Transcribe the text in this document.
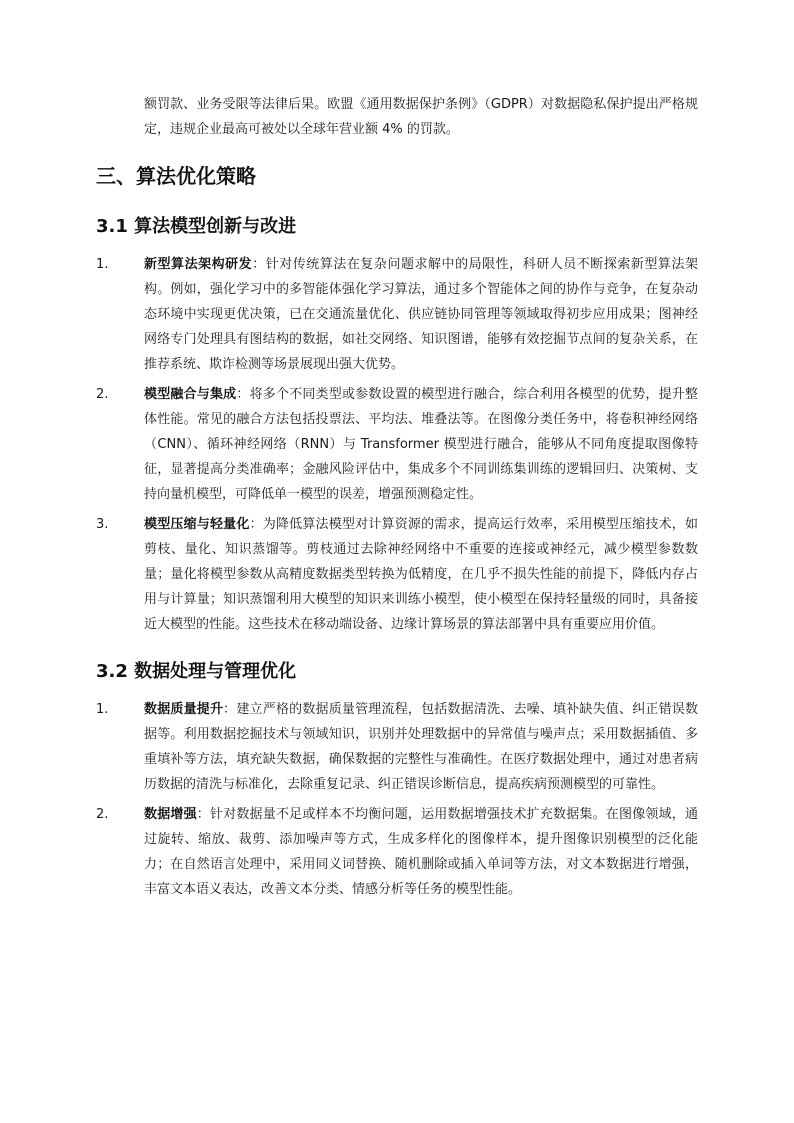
额罚款、业务受限等法律后果。欧盟《通用数据保护条例》（GDPR）对数据隐私保护提出严格规定，违规企业最高可被处以全球年营业额 4% 的罚款。

三、算法优化策略
3.1 算法模型创新与改进
1.	新型算法架构研发：针对传统算法在复杂问题求解中的局限性，科研人员不断探索新型算法架构。例如，强化学习中的多智能体强化学习算法，通过多个智能体之间的协作与竞争，在复杂动态环境中实现更优决策，已在交通流量优化、供应链协同管理等领域取得初步应用成果；图神经网络专门处理具有图结构的数据，如社交网络、知识图谱，能够有效挖掘节点间的复杂关系，在推荐系统、欺诈检测等场景展现出强大优势。
2.	模型融合与集成：将多个不同类型或参数设置的模型进行融合，综合利用各模型的优势，提升整体性能。常见的融合方法包括投票法、平均法、堆叠法等。在图像分类任务中，将卷积神经网络（CNN）、循环神经网络（RNN）与 Transformer 模型进行融合，能够从不同角度提取图像特征，显著提高分类准确率；金融风险评估中，集成多个不同训练集训练的逻辑回归、决策树、支持向量机模型，可降低单一模型的误差，增强预测稳定性。
3.	模型压缩与轻量化：为降低算法模型对计算资源的需求，提高运行效率，采用模型压缩技术，如剪枝、量化、知识蒸馏等。剪枝通过去除神经网络中不重要的连接或神经元，减少模型参数数量；量化将模型参数从高精度数据类型转换为低精度，在几乎不损失性能的前提下，降低内存占用与计算量；知识蒸馏利用大模型的知识来训练小模型，使小模型在保持轻量级的同时，具备接近大模型的性能。这些技术在移动端设备、边缘计算场景的算法部署中具有重要应用价值。
3.2 数据处理与管理优化
1.	数据质量提升：建立严格的数据质量管理流程，包括数据清洗、去噪、填补缺失值、纠正错误数据等。利用数据挖掘技术与领域知识，识别并处理数据中的异常值与噪声点；采用数据插值、多重填补等方法，填充缺失数据，确保数据的完整性与准确性。在医疗数据处理中，通过对患者病历数据的清洗与标准化，去除重复记录、纠正错误诊断信息，提高疾病预测模型的可靠性。
2.	数据增强：针对数据量不足或样本不均衡问题，运用数据增强技术扩充数据集。在图像领域，通过旋转、缩放、裁剪、添加噪声等方式，生成多样化的图像样本，提升图像识别模型的泛化能力；在自然语言处理中，采用同义词替换、随机删除或插入单词等方法，对文本数据进行增强，丰富文本语义表达，改善文本分类、情感分析等任务的模型性能。
